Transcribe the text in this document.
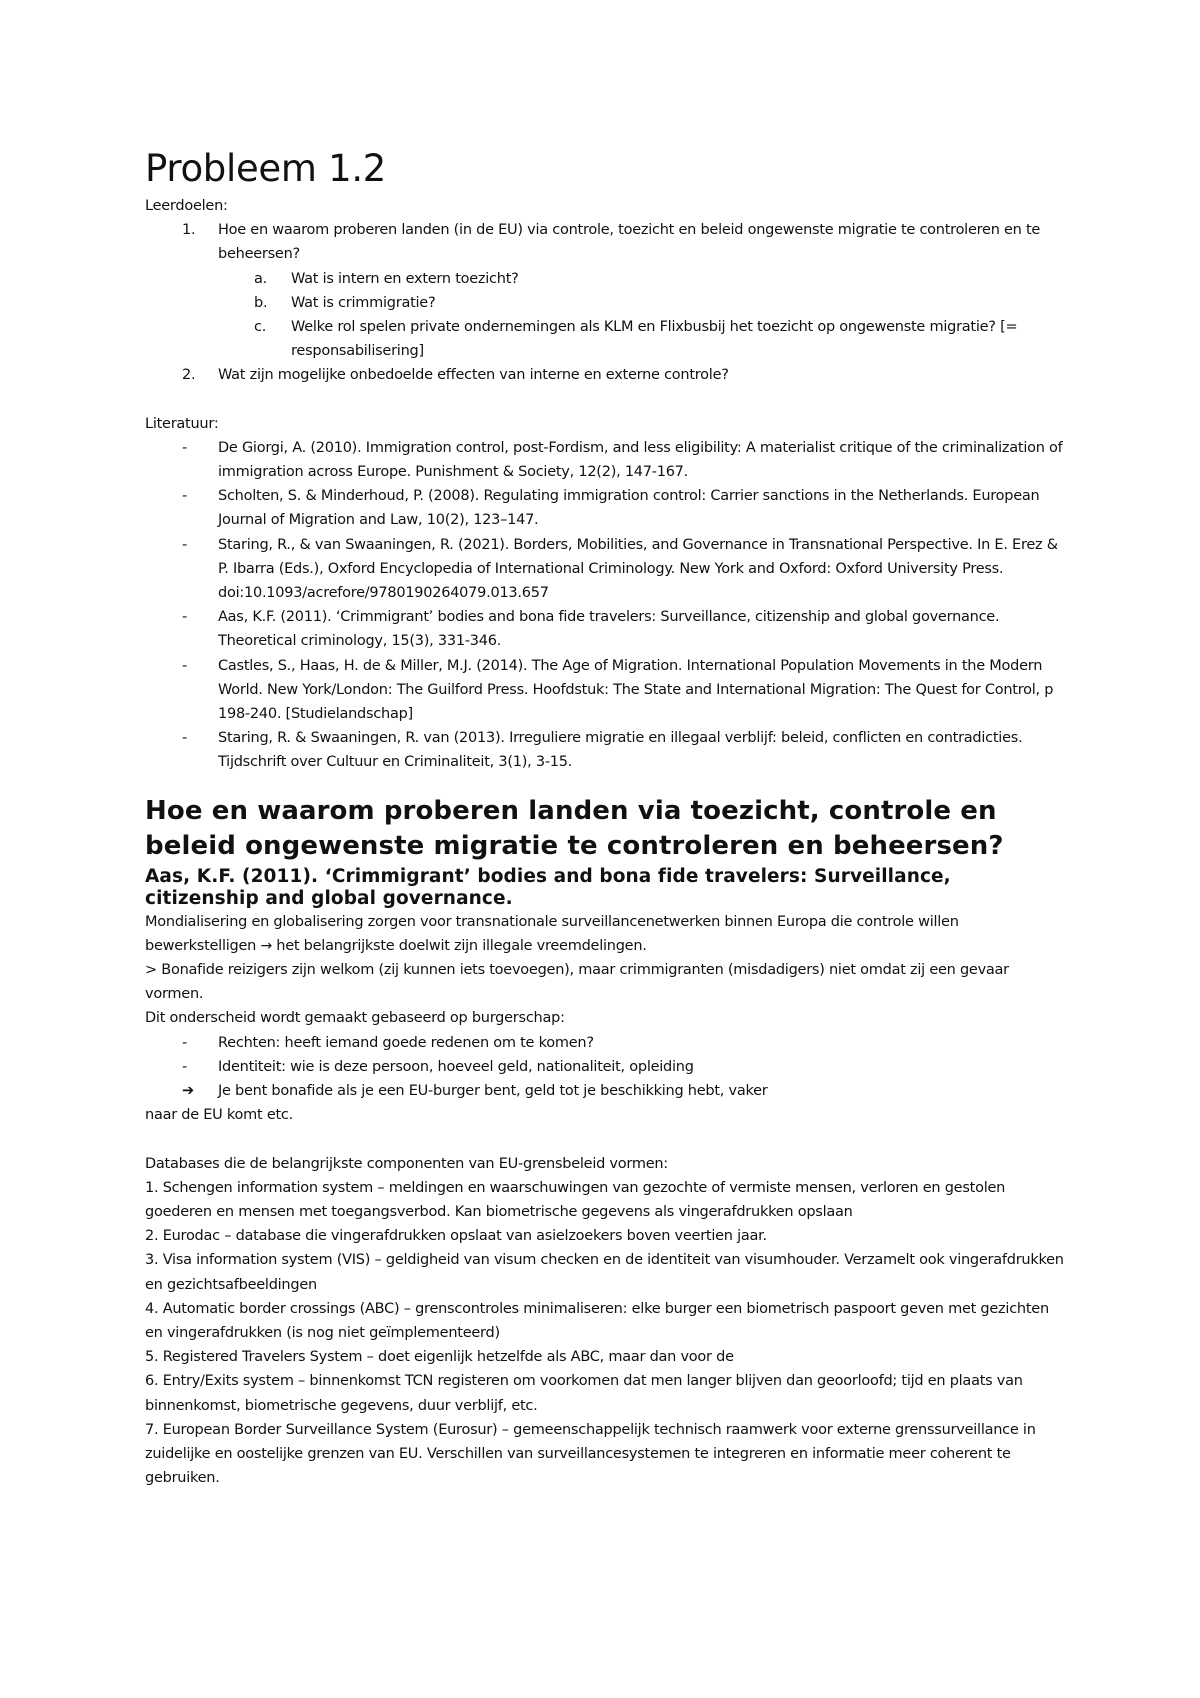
Probleem 1.2

Leerdoelen:

1. Hoe en waarom proberen landen (in de EU) via controle, toezicht en beleid ongewenste migratie te controleren en te beheersen?
a. Wat is intern en extern toezicht?
b. Wat is crimmigratie?
c. Welke rol spelen private ondernemingen als KLM en Flixbusbij het toezicht op ongewenste migratie? [= responsabilisering]
2. Wat zijn mogelijke onbedoelde effecten van interne en externe controle?

Literatuur:

- De Giorgi, A. (2010). Immigration control, post-Fordism, and less eligibility: A materialist critique of the criminalization of immigration across Europe. Punishment & Society, 12(2), 147-167.
- Scholten, S. & Minderhoud, P. (2008). Regulating immigration control: Carrier sanctions in the Netherlands. European Journal of Migration and Law, 10(2), 123–147.
- Staring, R., & van Swaaningen, R. (2021). Borders, Mobilities, and Governance in Transnational Perspective. In E. Erez & P. Ibarra (Eds.), Oxford Encyclopedia of International Criminology. New York and Oxford: Oxford University Press. doi:10.1093/acrefore/9780190264079.013.657
- Aas, K.F. (2011). ‘Crimmigrant’ bodies and bona fide travelers: Surveillance, citizenship and global governance. Theoretical criminology, 15(3), 331-346.
- Castles, S., Haas, H. de & Miller, M.J. (2014). The Age of Migration. International Population Movements in the Modern World. New York/London: The Guilford Press. Hoofdstuk: The State and International Migration: The Quest for Control, p 198-240. [Studielandschap]
- Staring, R. & Swaaningen, R. van (2013). Irreguliere migratie en illegaal verblijf: beleid, conflicten en contradicties. Tijdschrift over Cultuur en Criminaliteit, 3(1), 3-15.
Hoe en waarom proberen landen via toezicht, controle en beleid ongewenste migratie te controleren en beheersen?
Aas, K.F. (2011). ‘Crimmigrant’ bodies and bona fide travelers: Surveillance, citizenship and global governance.

Mondialisering en globalisering zorgen voor transnationale surveillancenetwerken binnen Europa die controle willen bewerkstelligen → het belangrijkste doelwit zijn illegale vreemdelingen.

> Bonafide reizigers zijn welkom (zij kunnen iets toevoegen), maar crimmigranten (misdadigers) niet omdat zij een gevaar vormen.

Dit onderscheid wordt gemaakt gebaseerd op burgerschap:

- Rechten: heeft iemand goede redenen om te komen?
- Identiteit: wie is deze persoon, hoeveel geld, nationaliteit, opleiding
➔ Je bent bonafide als je een EU-burger bent, geld tot je beschikking hebt, vaker

naar de EU komt etc.

Databases die de belangrijkste componenten van EU-grensbeleid vormen:

1. Schengen information system – meldingen en waarschuwingen van gezochte of vermiste mensen, verloren en gestolen goederen en mensen met toegangsverbod. Kan biometrische gegevens als vingerafdrukken opslaan

2. Eurodac – database die vingerafdrukken opslaat van asielzoekers boven veertien jaar.

3. Visa information system (VIS) – geldigheid van visum checken en de identiteit van visumhouder. Verzamelt ook vingerafdrukken en gezichtsafbeeldingen

4. Automatic border crossings (ABC) – grenscontroles minimaliseren: elke burger een biometrisch paspoort geven met gezichten en vingerafdrukken (is nog niet geïmplementeerd)

5. Registered Travelers System – doet eigenlijk hetzelfde als ABC, maar dan voor de

6. Entry/Exits system – binnenkomst TCN registeren om voorkomen dat men langer blijven dan geoorloofd; tijd en plaats van binnenkomst, biometrische gegevens, duur verblijf, etc.

7. European Border Surveillance System (Eurosur) – gemeenschappelijk technisch raamwerk voor externe grenssurveillance in zuidelijke en oostelijke grenzen van EU. Verschillen van surveillancesystemen te integreren en informatie meer coherent te gebruiken.
